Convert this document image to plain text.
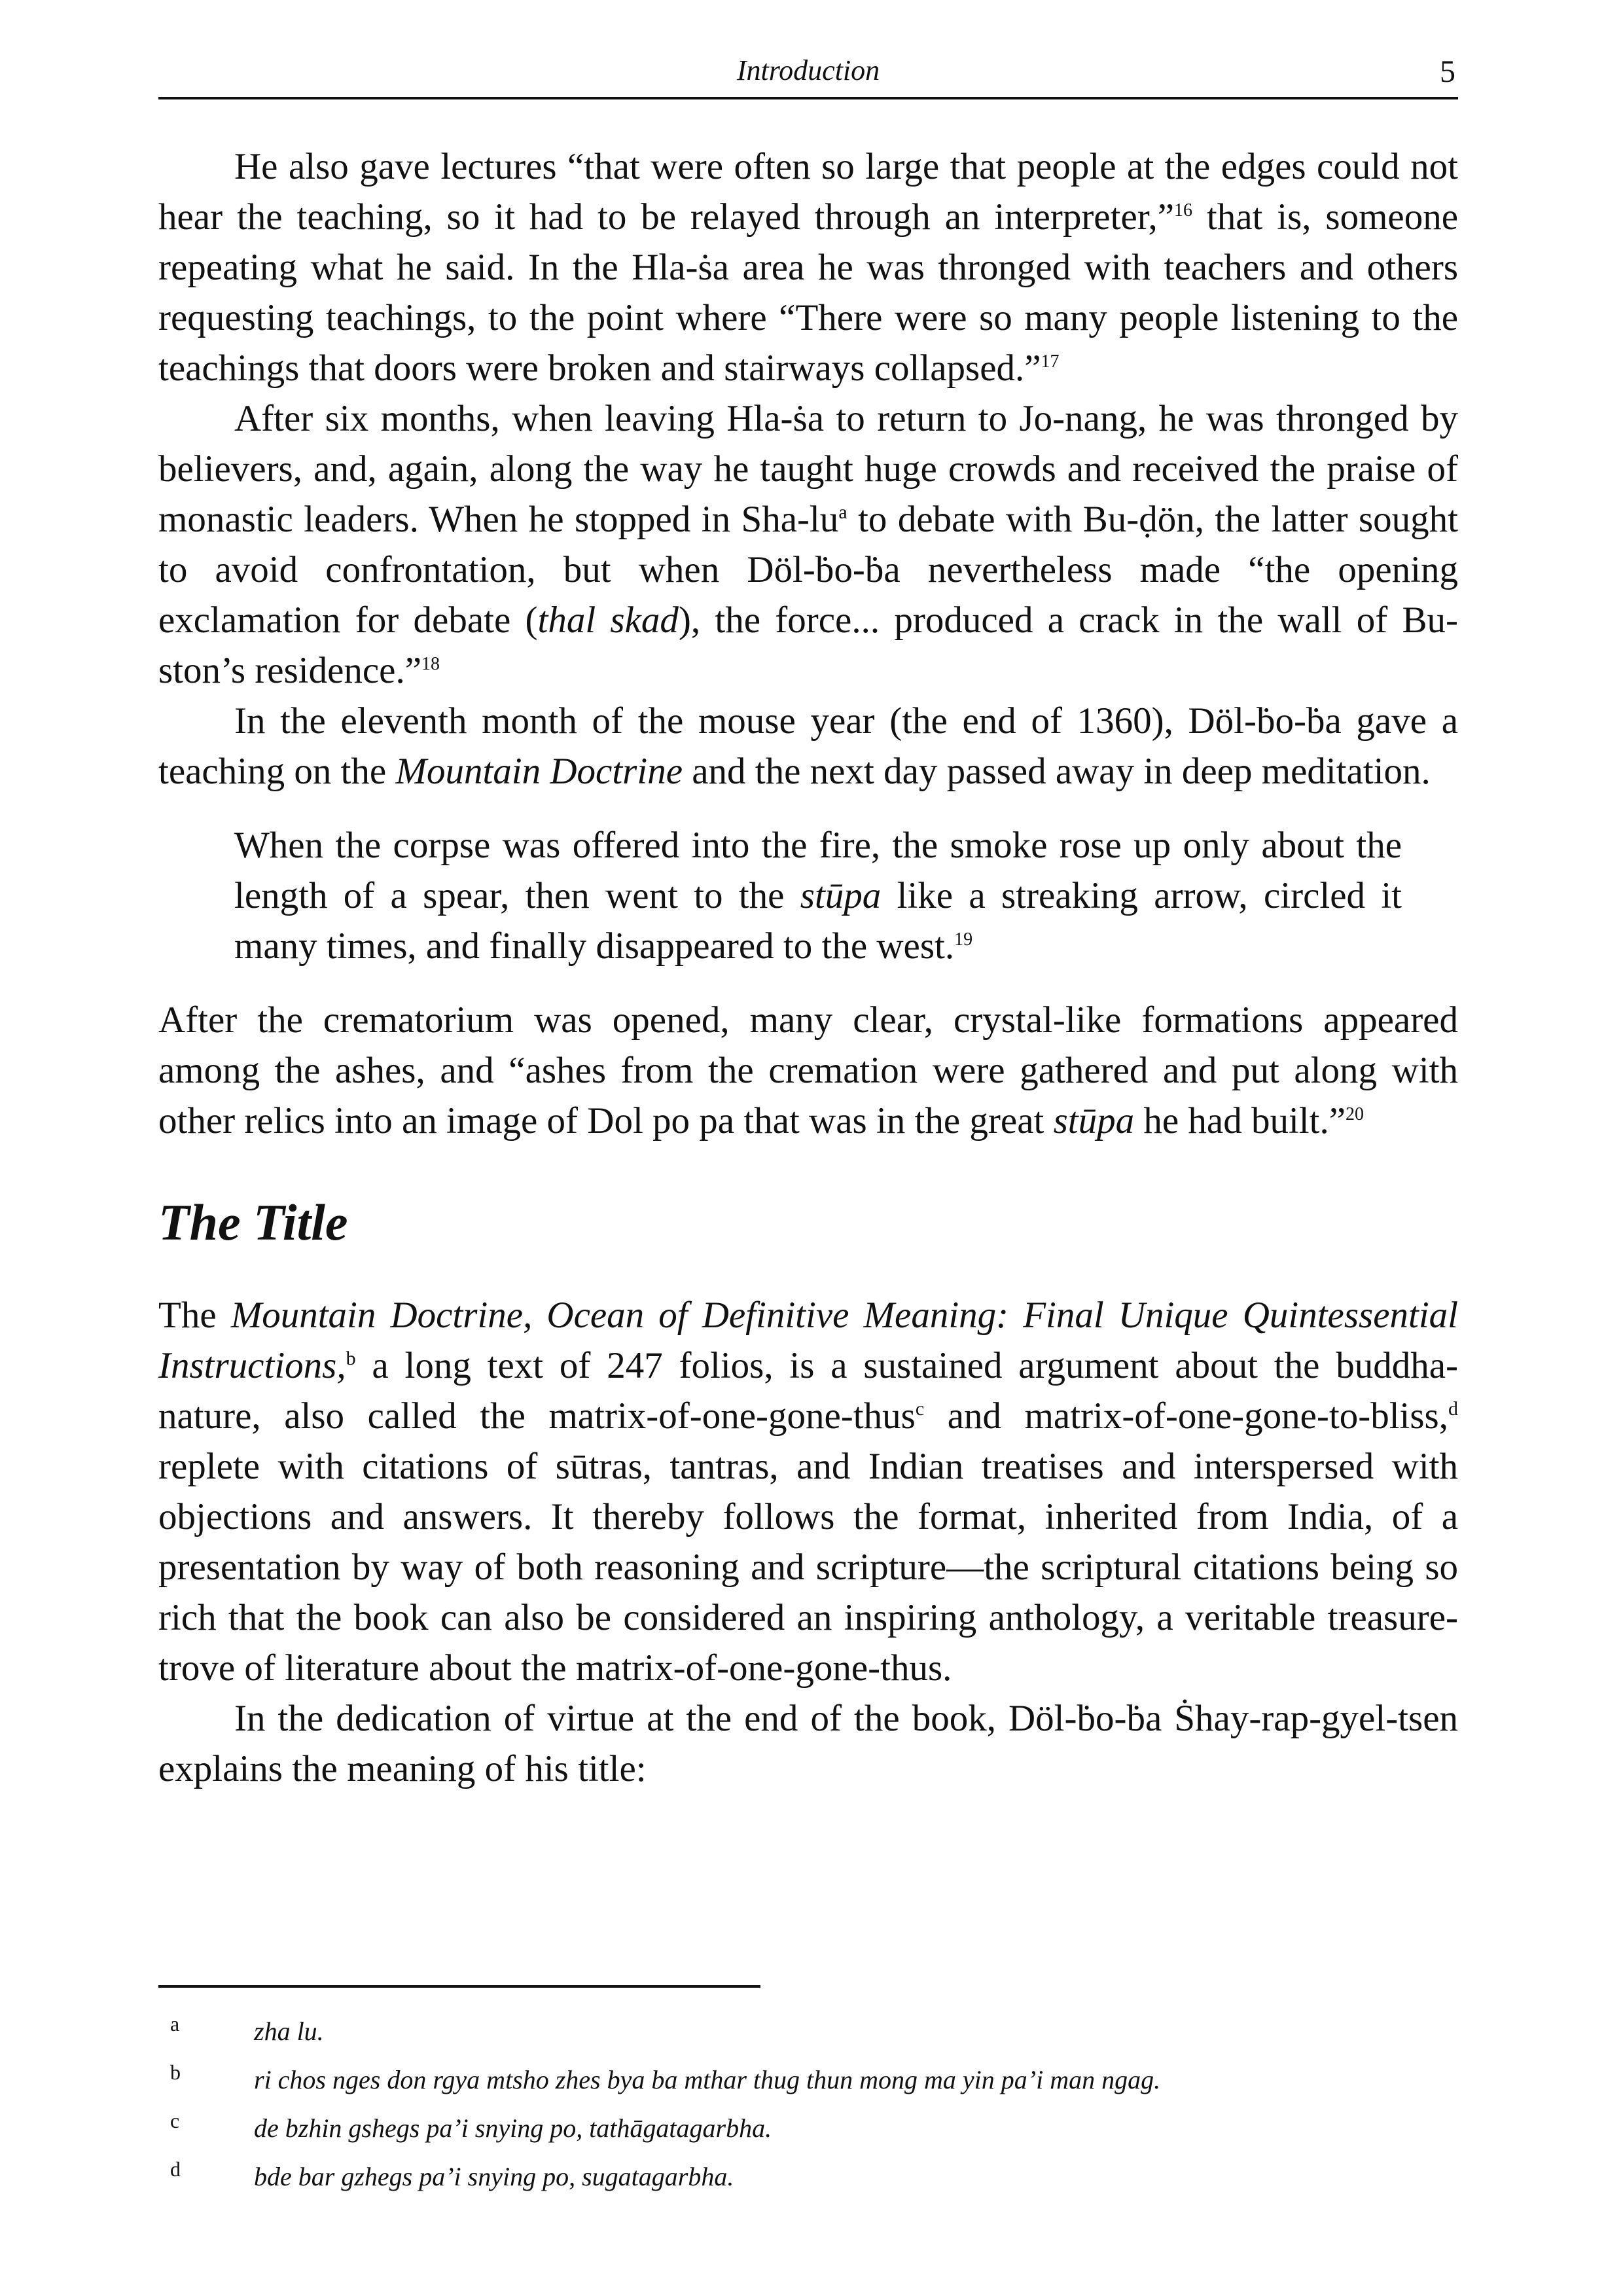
Introduction	5

He also gave lectures “that were often so large that people at the edges could not hear the teaching, so it had to be relayed through an interpreter,”$^{16}$ that is, someone repeating what he said. In the Hla-ṡa area he was thronged with teachers and others requesting teachings, to the point where “There were so many people listening to the teachings that doors were broken and stairways collapsed.”$^{17}$

After six months, when leaving Hla-ṡa to return to Jo-nang, he was thronged by believers, and, again, along the way he taught huge crowds and received the praise of monastic leaders. When he stopped in Sha-lu$^a$ to debate with Bu-ḍön, the latter sought to avoid confrontation, but when Döl-ḃo-ḃa nevertheless made “the opening exclamation for debate (thal skad), the force... produced a crack in the wall of Bu-ston’s residence.”$^{18}$

In the eleventh month of the mouse year (the end of 1360), Döl-ḃo-ḃa gave a teaching on the Mountain Doctrine and the next day passed away in deep meditation.

When the corpse was offered into the fire, the smoke rose up only about the length of a spear, then went to the stūpa like a streaking arrow, circled it many times, and finally disappeared to the west.$^{19}$

After the crematorium was opened, many clear, crystal-like formations appeared among the ashes, and “ashes from the cremation were gathered and put along with other relics into an image of Dol po pa that was in the great stūpa he had built.”$^{20}$

The Title

The Mountain Doctrine, Ocean of Definitive Meaning: Final Unique Quintessential Instructions,$^b$ a long text of 247 folios, is a sustained argument about the buddha-nature, also called the matrix-of-one-gone-thus$^c$ and matrix-of-one-gone-to-bliss,$^d$ replete with citations of sūtras, tantras, and Indian treatises and interspersed with objections and answers. It thereby follows the format, inherited from India, of a presentation by way of both reasoning and scripture—the scriptural citations being so rich that the book can also be considered an inspiring anthology, a veritable treasure-trove of literature about the matrix-of-one-gone-thus.

In the dedication of virtue at the end of the book, Döl-ḃo-ḃa Ṡhay-rap-gyel-tsen explains the meaning of his title:

a	zha lu.
b	ri chos nges don rgya mtsho zhes bya ba mthar thug thun mong ma yin pa’i man ngag.
c	de bzhin gshegs pa’i snying po, tathāgatagarbha.
d	bde bar gzhegs pa’i snying po, sugatagarbha.
